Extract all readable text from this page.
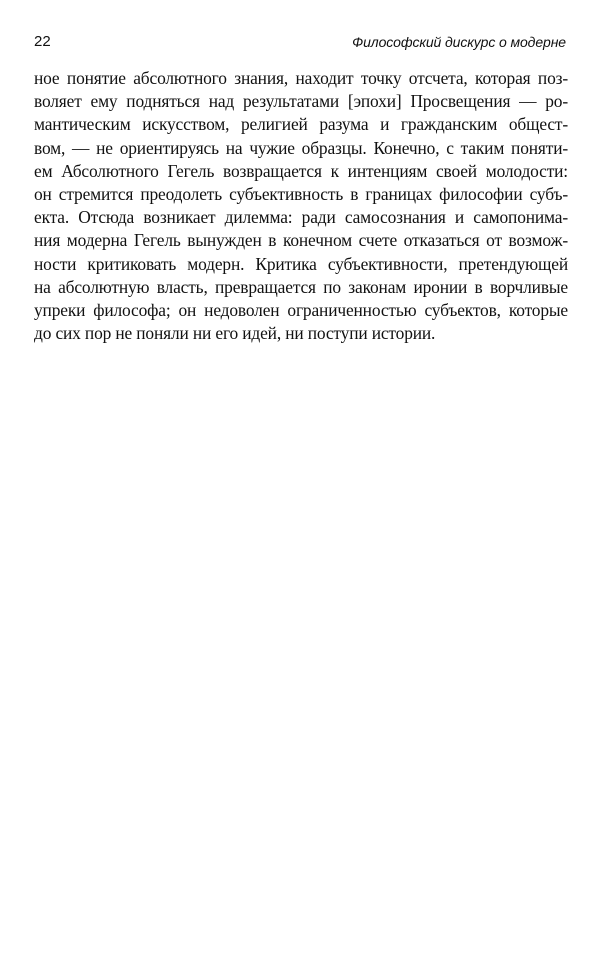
22	Философский дискурс о модерне
ное понятие абсолютного знания, находит точку отсчета, которая поз-
воляет ему подняться над результатами [эпохи] Просвещения — ро-
мантическим искусством, религией разума и гражданским общест-
вом, — не ориентируясь на чужие образцы. Конечно, с таким поняти-
ем Абсолютного Гегель возвращается к интенциям своей молодости:
он стремится преодолеть субъективность в границах философии субъ-
екта. Отсюда возникает дилемма: ради самосознания и самопонима-
ния модерна Гегель вынужден в конечном счете отказаться от возмож-
ности критиковать модерн. Критика субъективности, претендующей
на абсолютную власть, превращается по законам иронии в ворчливые
упреки философа; он недоволен ограниченностью субъектов, которые
до сих пор не поняли ни его идей, ни поступи истории.
